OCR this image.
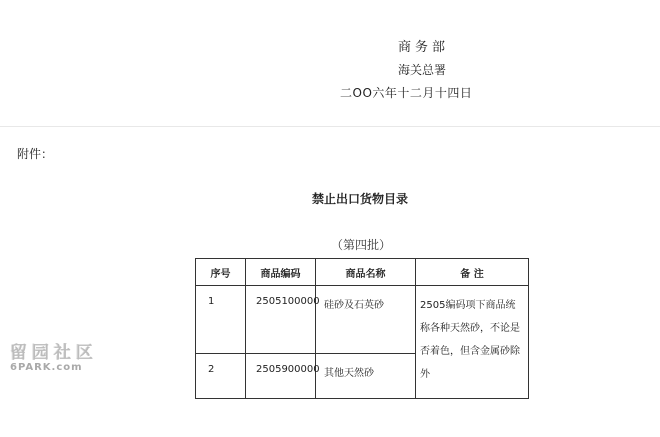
商务部
海关总署
二OO六年十二月十四日
附件：
禁止出口货物目录
（第四批）
序号	商品编码	商品名称	备 注
1	2505100000	硅砂及石英砂	2505编码项下商品统称各种天然砂，不论是否着色，但含金属砂除外
2	2505900000	其他天然砂	
留园社区
6PARK.com
